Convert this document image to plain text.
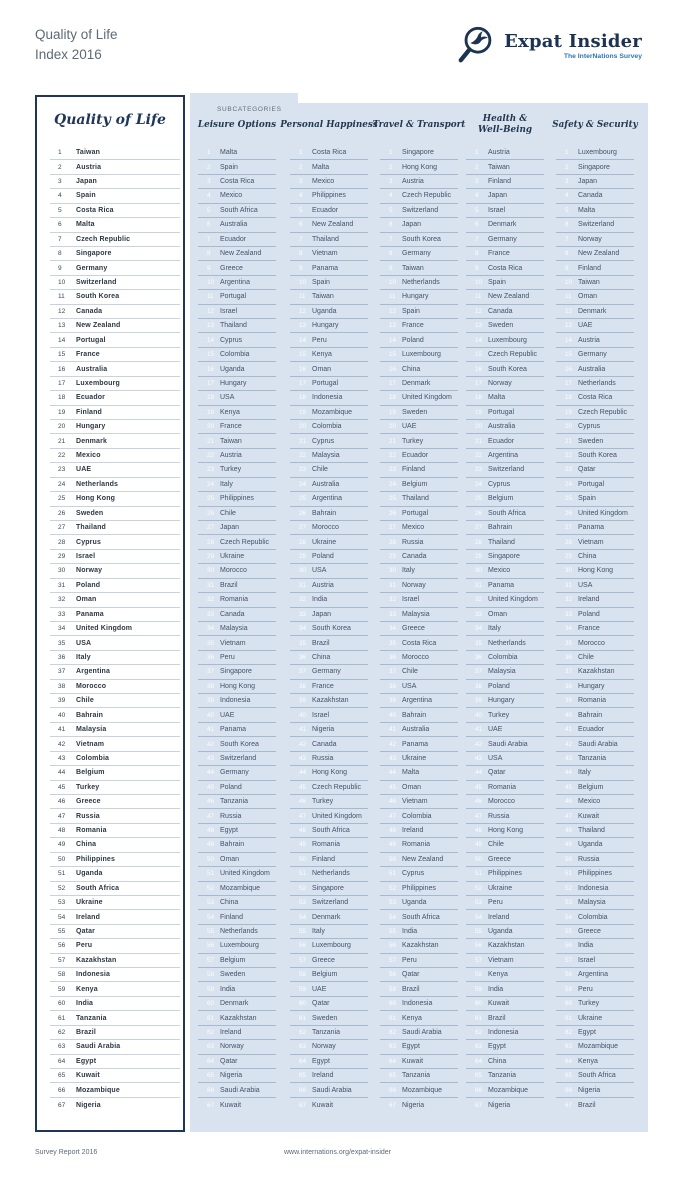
Quality of Life
Index 2016
Expat Insider
The InterNations Survey
Quality of Life
1	Taiwan
2	Austria
3	Japan
4	Spain
5	Costa Rica
6	Malta
7	Czech Republic
8	Singapore
9	Germany
10	Switzerland
11	South Korea
12	Canada
13	New Zealand
14	Portugal
15	France
16	Australia
17	Luxembourg
18	Ecuador
19	Finland
20	Hungary
21	Denmark
22	Mexico
23	UAE
24	Netherlands
25	Hong Kong
26	Sweden
27	Thailand
28	Cyprus
29	Israel
30	Norway
31	Poland
32	Oman
33	Panama
34	United Kingdom
35	USA
36	Italy
37	Argentina
38	Morocco
39	Chile
40	Bahrain
41	Malaysia
42	Vietnam
43	Colombia
44	Belgium
45	Turkey
46	Greece
47	Russia
48	Romania
49	China
50	Philippines
51	Uganda
52	South Africa
53	Ukraine
54	Ireland
55	Qatar
56	Peru
57	Kazakhstan
58	Indonesia
59	Kenya
60	India
61	Tanzania
62	Brazil
63	Saudi Arabia
64	Egypt
65	Kuwait
66	Mozambique
67	Nigeria
SUBCATEGORIES
Leisure Options
1	Malta
2	Spain
3	Costa Rica
4	Mexico
5	South Africa
6	Australia
7	Ecuador
8	New Zealand
9	Greece
10 Argentina
11 Portugal
12 Israel
13 Thailand
14 Cyprus
15 Colombia
16 Uganda
17 Hungary
18 USA
19 Kenya
20 France
21 Taiwan
22 Austria
23 Turkey
24 Italy
25 Philippines
26 Chile
27 Japan
28 Czech Republic
29 Ukraine
30 Morocco
31 Brazil
32 Romania
33 Canada
34 Malaysia
35 Vietnam
36 Peru
37 Singapore
38 Hong Kong
39 Indonesia
40 UAE
41 Panama
42 South Korea
43 Switzerland
44 Germany
45 Poland
46 Tanzania
47 Russia
48 Egypt
49 Bahrain
50 Oman
51 United Kingdom
52 Mozambique
53 China
54 Finland
55 Netherlands
56 Luxembourg
57 Belgium
58 Sweden
59 India
60 Denmark
61 Kazakhstan
62 Ireland
63 Norway
64 Qatar
65 Nigeria
66 Saudi Arabia
67 Kuwait
Personal Happiness
1	Costa Rica
2	Malta
3	Mexico
4	Philippines
5	Ecuador
6	New Zealand
7	Thailand
8	Vietnam
9	Panama
10 Spain
11 Taiwan
12 Uganda
13 Hungary
14 Peru
15 Kenya
16 Oman
17 Portugal
18 Indonesia
19 Mozambique
20 Colombia
21 Cyprus
22 Malaysia
23 Chile
24 Australia
25 Argentina
26 Bahrain
27 Morocco
28 Ukraine
29 Poland
30 USA
31 Austria
32 India
33 Japan
34 South Korea
35 Brazil
36 China
37 Germany
38 France
39 Kazakhstan
40 Israel
41 Nigeria
42 Canada
43 Russia
44 Hong Kong
45 Czech Republic
46 Turkey
47 United Kingdom
48 South Africa
49 Romania
50 Finland
51 Netherlands
52 Singapore
53 Switzerland
54 Denmark
55 Italy
56 Luxembourg
57 Greece
58 Belgium
59 UAE
60 Qatar
61 Sweden
62 Tanzania
63 Norway
64 Egypt
65 Ireland
66 Saudi Arabia
67 Kuwait
Travel & Transport
1	Singapore
2	Hong Kong
3	Austria
4	Czech Republic
5	Switzerland
6	Japan
7	South Korea
8	Germany
9	Taiwan
10 Netherlands
11 Hungary
12 Spain
13 France
14 Poland
15 Luxembourg
16 China
17 Denmark
18 United Kingdom
19 Sweden
20 UAE
21 Turkey
22 Ecuador
23 Finland
24 Belgium
25 Thailand
26 Portugal
27 Mexico
28 Russia
29 Canada
30 Italy
31 Norway
32 Israel
33 Malaysia
34 Greece
35 Costa Rica
36 Morocco
37 Chile
38 USA
39 Argentina
40 Bahrain
41 Australia
42 Panama
43 Ukraine
44 Malta
45 Oman
46 Vietnam
47 Colombia
48 Ireland
49 Romania
50 New Zealand
51 Cyprus
52 Philippines
53 Uganda
54 South Africa
55 India
56 Kazakhstan
57 Peru
58 Qatar
59 Brazil
60 Indonesia
61 Kenya
62 Saudi Arabia
63 Egypt
64 Kuwait
65 Tanzania
66 Mozambique
67 Nigeria
Health & Well-Being
1	Austria
2	Taiwan
3	Finland
4	Japan
5	Israel
6	Denmark
7	Germany
8	France
9	Costa Rica
10 Spain
11 New Zealand
12 Canada
13 Sweden
14 Luxembourg
15 Czech Republic
16 South Korea
17 Norway
18 Malta
19 Portugal
20 Australia
21 Ecuador
22 Argentina
23 Switzerland
24 Cyprus
25 Belgium
26 South Africa
27 Bahrain
28 Thailand
29 Singapore
30 Mexico
31 Panama
32 United Kingdom
33 Oman
34 Italy
35 Netherlands
36 Colombia
37 Malaysia
38 Poland
39 Hungary
40 Turkey
41 UAE
42 Saudi Arabia
43 USA
44 Qatar
45 Romania
46 Morocco
47 Russia
48 Hong Kong
49 Chile
50 Greece
51 Philippines
52 Ukraine
53 Peru
54 Ireland
55 Uganda
56 Kazakhstan
57 Vietnam
58 Kenya
59 India
60 Kuwait
61 Brazil
62 Indonesia
63 Egypt
64 China
65 Tanzania
66 Mozambique
67 Nigeria
Safety & Security
1	Luxembourg
2	Singapore
3	Japan
4	Canada
5	Malta
6	Switzerland
7	Norway
8	New Zealand
9	Finland
10 Taiwan
11 Oman
12 Denmark
13 UAE
14 Austria
15 Germany
16 Australia
17 Netherlands
18 Costa Rica
19 Czech Republic
20 Cyprus
21 Sweden
22 South Korea
23 Qatar
24 Portugal
25 Spain
26 United Kingdom
27 Panama
28 Vietnam
29 China
30 Hong Kong
31 USA
32 Ireland
33 Poland
34 France
35 Morocco
36 Chile
37 Kazakhstan
38 Hungary
39 Romania
40 Bahrain
41 Ecuador
42 Saudi Arabia
43 Tanzania
44 Italy
45 Belgium
46 Mexico
47 Kuwait
48 Thailand
49 Uganda
50 Russia
51 Philippines
52 Indonesia
53 Malaysia
54 Colombia
55 Greece
56 India
57 Israel
58 Argentina
59 Peru
60 Turkey
61 Ukraine
62 Egypt
63 Mozambique
64 Kenya
65 South Africa
66 Nigeria
67 Brazil
Survey Report 2016	www.internations.org/expat-insider
